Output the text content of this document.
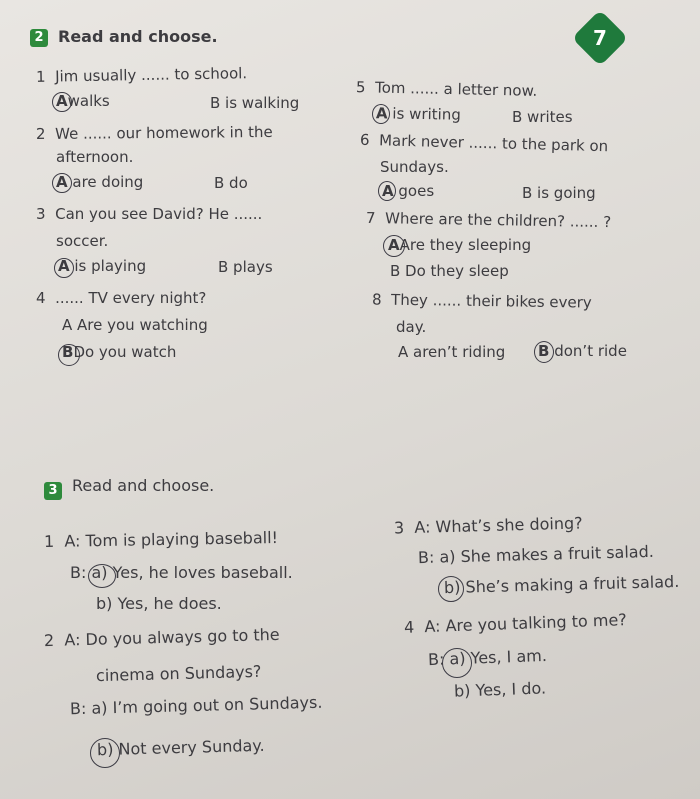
​
2 Read and choose.	7
1 Jim usually ...... to school.
Awalks	B is walking
2 We ...... our homework in the
afternoon.
A are doing	B do
3 Can you see David? He ......
soccer.
A is playing	B plays
4 ...... TV every night?
A Are you watching
BDo you watch
5 Tom ...... a letter now.
A is writing	B writes
6 Mark never ...... to the park on
Sundays.
A goes	B is going
7 Where are the children? ...... ?
AAre they sleeping
B Do they sleep
8 They ...... their bikes every
day.
A aren’t riding B don’t ride
3 Read and choose.
1 A: Tom is playing baseball!
B: a) Yes, he loves baseball.
b) Yes, he does.
2 A: Do you always go to the
cinema on Sundays?
B: a) I’m going out on Sundays.
b) Not every Sunday.
3 A: What’s she doing?
B: a) She makes a fruit salad.
b) She’s making a fruit salad.
4 A: Are you talking to me?
B: a) Yes, I am.
b) Yes, I do.
